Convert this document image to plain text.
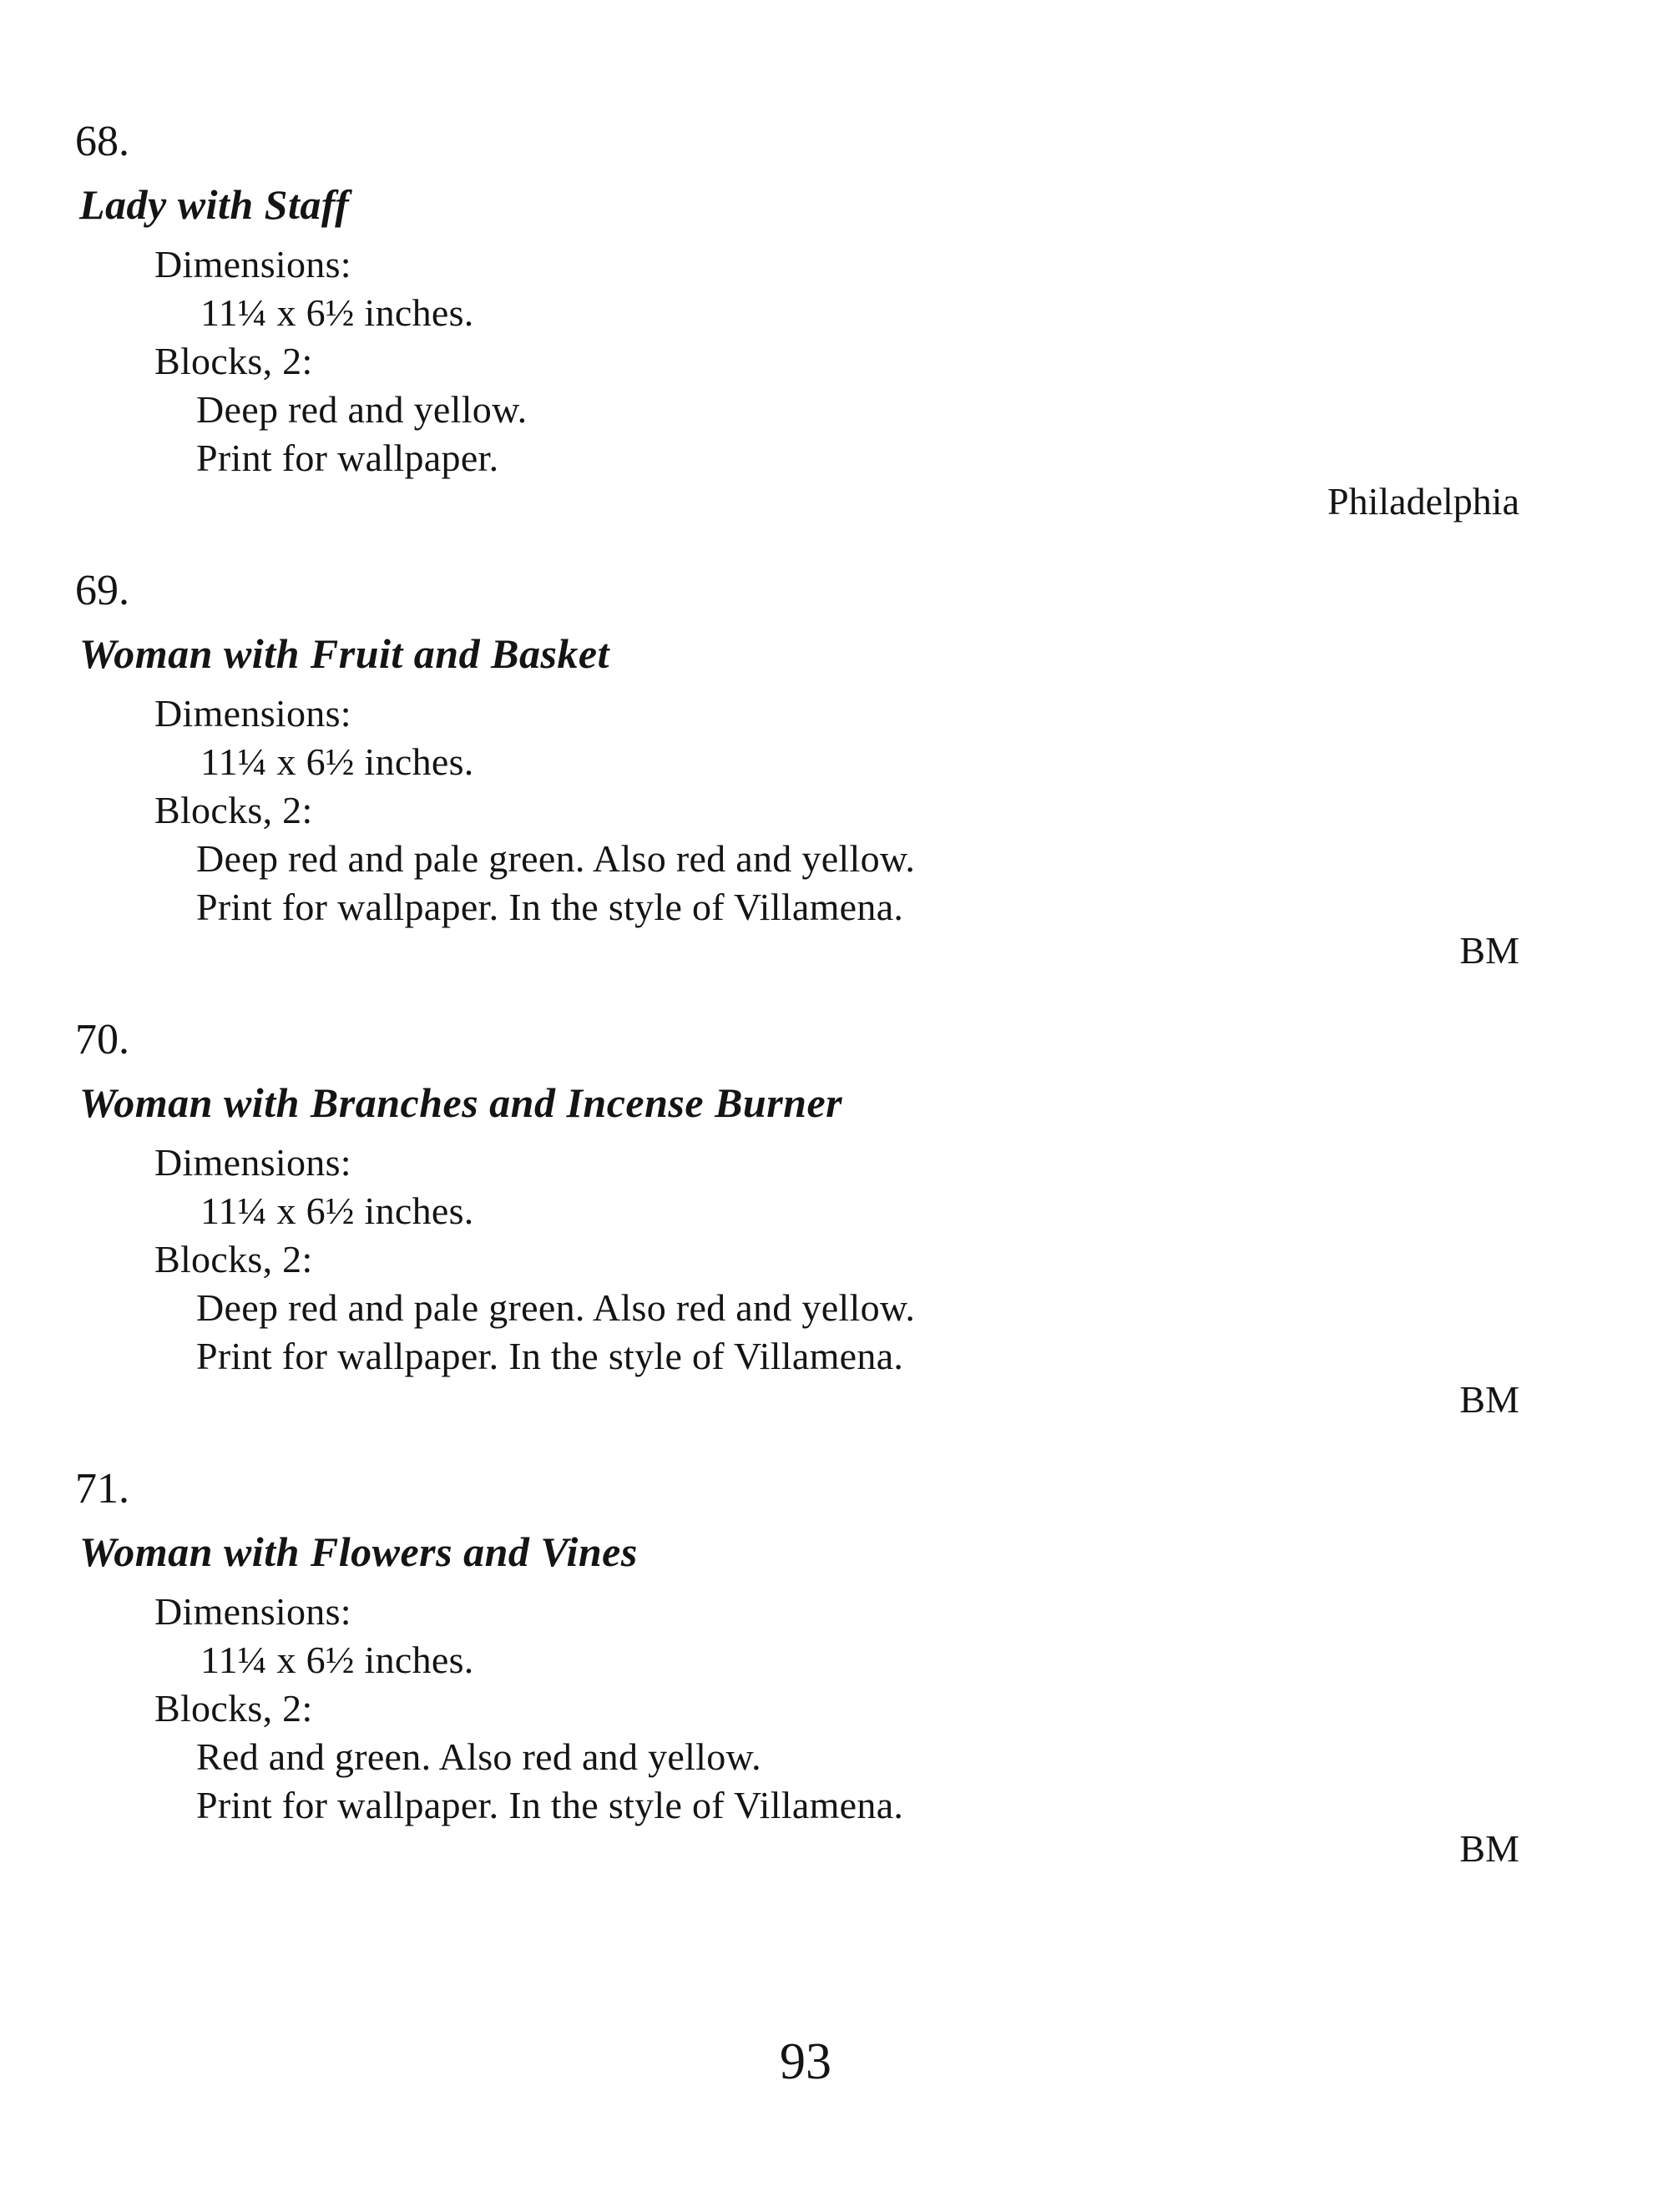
68.
Lady with Staff
Dimensions:
11¼ x 6½ inches.
Blocks, 2:
Deep red and yellow.
Print for wallpaper.
Philadelphia
69.
Woman with Fruit and Basket
Dimensions:
11¼ x 6½ inches.
Blocks, 2:
Deep red and pale green. Also red and yellow.
Print for wallpaper. In the style of Villamena.
BM
70.
Woman with Branches and Incense Burner
Dimensions:
11¼ x 6½ inches.
Blocks, 2:
Deep red and pale green. Also red and yellow.
Print for wallpaper. In the style of Villamena.
BM
71.
Woman with Flowers and Vines
Dimensions:
11¼ x 6½ inches.
Blocks, 2:
Red and green. Also red and yellow.
Print for wallpaper. In the style of Villamena.
BM
93
